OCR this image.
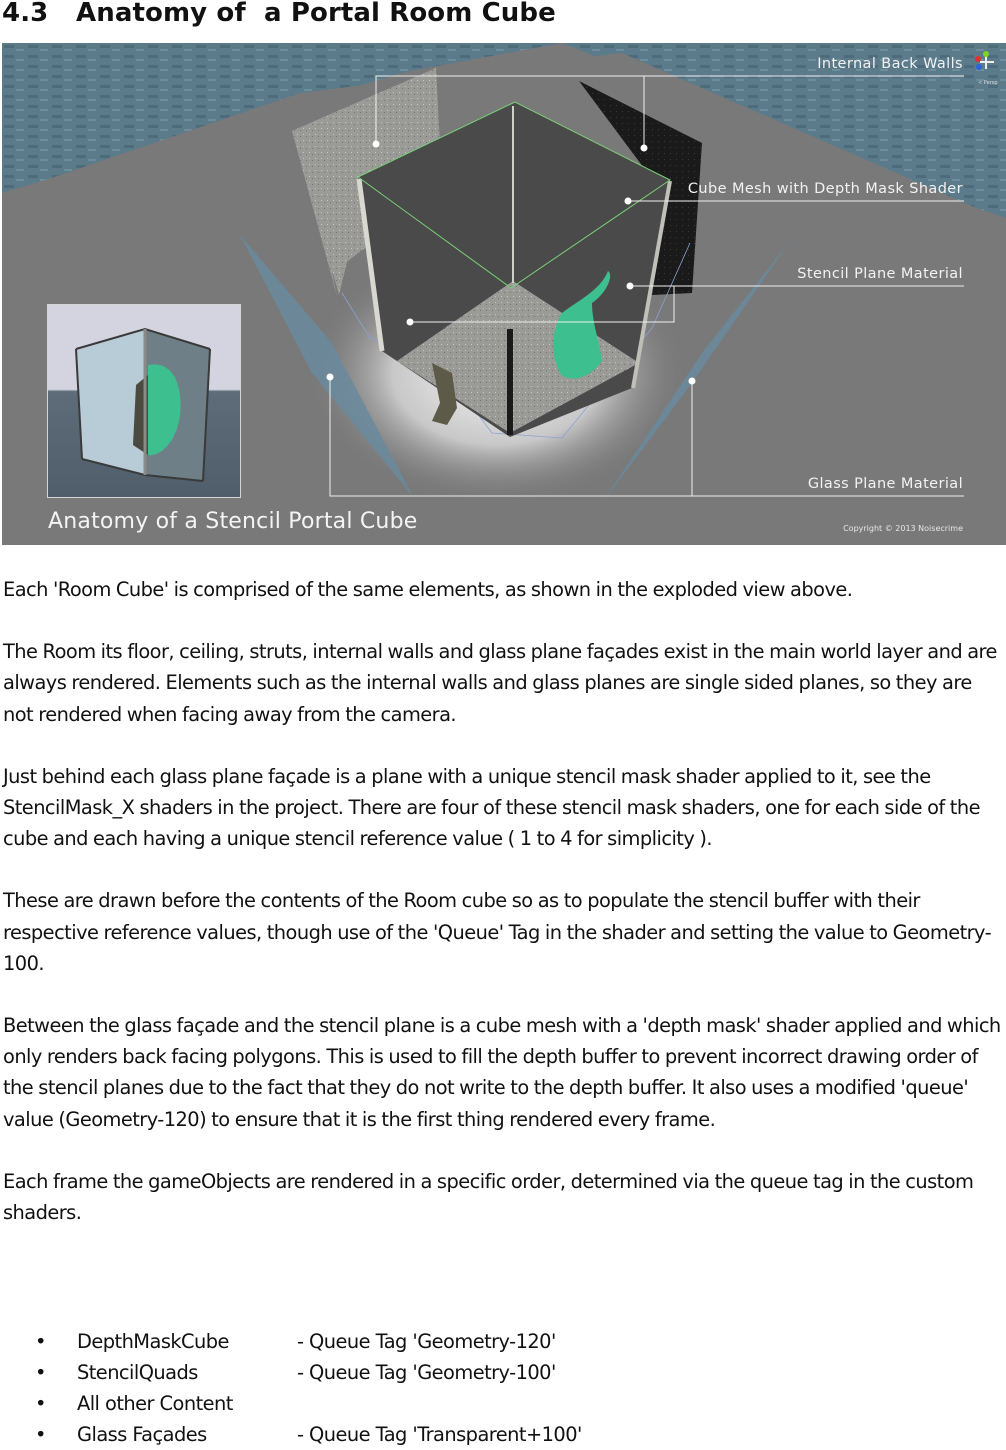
4.3 Anatomy of  a Portal Room Cube
< Persp
Internal Back Walls
Cube Mesh with Depth Mask Shader
Stencil Plane Material
Glass Plane Material
Anatomy of a Stencil Portal Cube	Copyright © 2013 Noisecrime

Each 'Room Cube' is comprised of the same elements, as shown in the exploded view above.

The Room its floor, ceiling, struts, internal walls and glass plane façades exist in the main world layer and are always rendered. Elements such as the internal walls and glass planes are single sided planes, so they are not rendered when facing away from the camera.

Just behind each glass plane façade is a plane with a unique stencil mask shader applied to it, see the StencilMask_X shaders in the project. There are four of these stencil mask shaders, one for each side of the cube and each having a unique stencil reference value ( 1 to 4 for simplicity ).

These are drawn before the contents of the Room cube so as to populate the stencil buffer with their respective reference values, though use of the 'Queue' Tag in the shader and setting the value to Geometry-100.

Between the glass façade and the stencil plane is a cube mesh with a 'depth mask' shader applied and which only renders back facing polygons. This is used to fill the depth buffer to prevent incorrect drawing order of the stencil planes due to the fact that they do not write to the depth buffer. It also uses a modified 'queue' value (Geometry-120) to ensure that it is the first thing rendered every frame.

Each frame the gameObjects are rendered in a specific order, determined via the queue tag in the custom shaders.

• DepthMaskCube	- Queue Tag 'Geometry-120'
• StencilQuads	- Queue Tag 'Geometry-100'
• All other Content
• Glass Façades	- Queue Tag 'Transparent+100'
